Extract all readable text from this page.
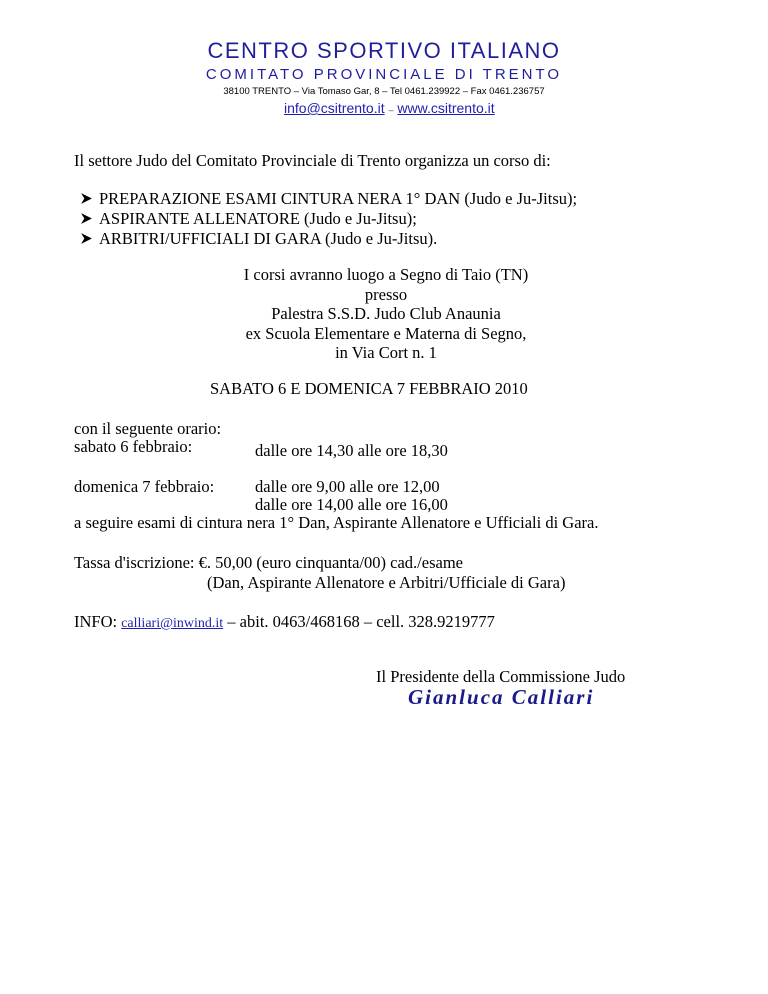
CENTRO SPORTIVO ITALIANO
COMITATO PROVINCIALE DI TRENTO
38100 TRENTO – Via Tomaso Gar, 8 – Tel 0461.239922 – Fax 0461.236757
info@csitrento.it – www.csitrento.it
Il settore Judo del Comitato Provinciale di Trento organizza un corso di:
PREPARAZIONE ESAMI CINTURA NERA 1° DAN (Judo e Ju-Jitsu);
ASPIRANTE ALLENATORE (Judo e Ju-Jitsu);
ARBITRI/UFFICIALI DI GARA (Judo e Ju-Jitsu).
I corsi avranno luogo a Segno di Taio (TN)
presso
Palestra S.S.D. Judo Club Anaunia
ex Scuola Elementare e Materna di Segno,
in Via Cort n. 1
SABATO 6 E DOMENICA 7 FEBBRAIO 2010
con il seguente orario:
sabato 6 febbraio:	dalle ore 14,30 alle ore 18,30
domenica 7 febbraio: dalle ore 9,00 alle ore 12,00
dalle ore 14,00 alle ore 16,00
a seguire esami di cintura nera 1° Dan, Aspirante Allenatore e Ufficiali di Gara.
Tassa d'iscrizione: €. 50,00 (euro cinquanta/00) cad./esame
(Dan, Aspirante Allenatore e Arbitri/Ufficiale di Gara)
INFO: calliari@inwind.it – abit. 0463/468168 – cell. 328.9219777
Il Presidente della Commissione Judo
Gianluca Calliari
